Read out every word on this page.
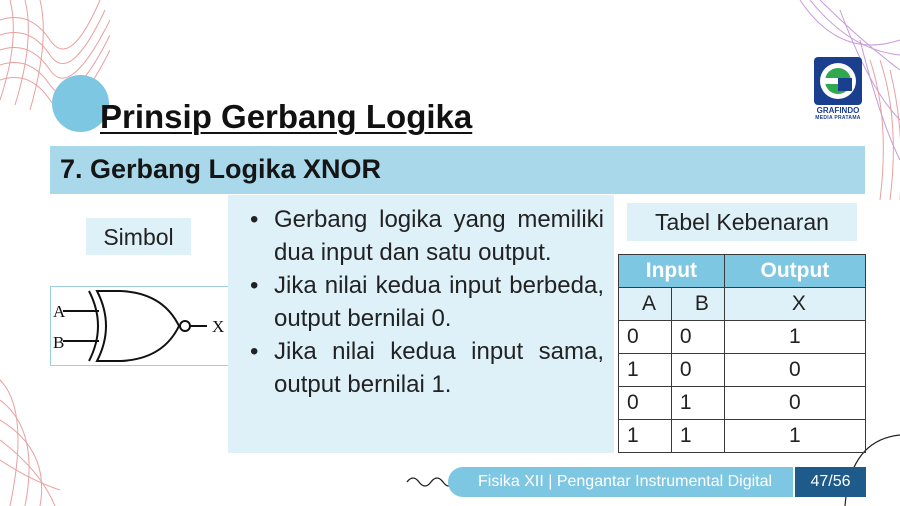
GRAFINDO
MEDIA PRATAMA
Prinsip Gerbang Logika
7. Gerbang Logika XNOR
Simbol
A
B
X
• Gerbang logika yang memiliki dua input dan satu output.
• Jika nilai kedua input berbeda, output bernilai 0.
• Jika nilai kedua input sama, output bernilai 1.
Tabel Kebenaran
Input		Output
A	B	X
0	0	1
1	0	0
0	1	0
1	1	1
Fisika XII | Pengantar Instrumental Digital	47/56
